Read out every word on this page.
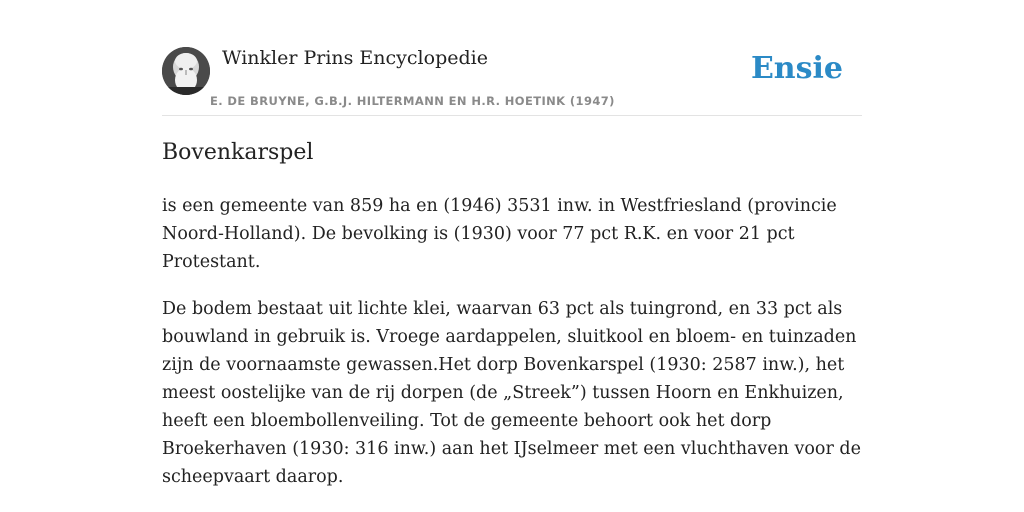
Winkler Prins Encyclopedie
E. DE BRUYNE, G.B.J. HILTERMANN EN H.R. HOETINK (1947)
Ensie
Bovenkarspel

is een gemeente van 859 ha en (1946) 3531 inw. in Westfriesland (provincie Noord-Holland). De bevolking is (1930) voor 77 pct R.K. en voor 21 pct Protestant.

De bodem bestaat uit lichte klei, waarvan 63 pct als tuingrond, en 33 pct als bouwland in gebruik is. Vroege aardappelen, sluitkool en bloem- en tuinzaden zijn de voornaamste gewassen.Het dorp Bovenkarspel (1930: 2587 inw.), het meest oostelijke van de rij dorpen (de „Streek”) tussen Hoorn en Enkhuizen, heeft een bloembollenveiling. Tot de gemeente behoort ook het dorp Broekerhaven (1930: 316 inw.) aan het IJselmeer met een vluchthaven voor de scheepvaart daarop.
